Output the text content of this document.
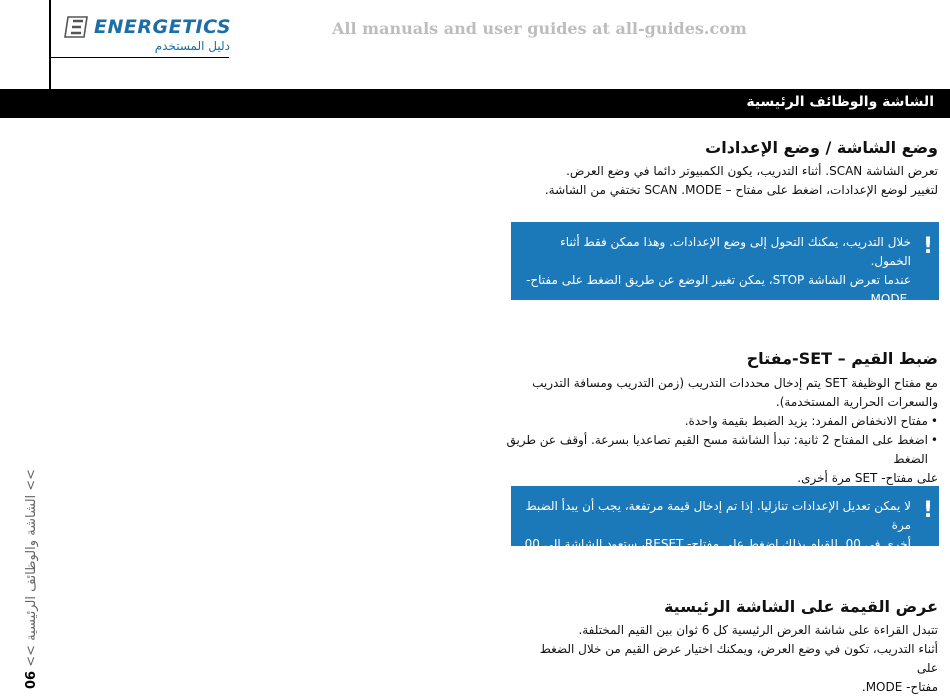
ENERGETICS
دليل المستخدم
All manuals and user guides at all-guides.com
الشاشة والوظائف الرئيسية
وضع الشاشة / وضع الإعدادات
تعرض الشاشة SCAN. أثناء التدريب، يكون الكمبيوتر دائما في وضع العرض.
لتغيير لوضع الإعدادات، اضغط على مفتاح – SCAN .MODE تختفي من الشاشة.
!
خلال التدريب، يمكنك التحول إلى وضع الإعدادات. وهذا ممكن فقط أثناء الخمول.
عندما تعرض الشاشة STOP، يمكن تغيير الوضع عن طريق الضغط على مفتاح-
.MODE
ضبط القيم – SET-مفتاح
مع مفتاح الوظيفة SET يتم إدخال محددات التدريب (زمن التدريب ومسافة التدريب
والسعرات الحرارية المستخدمة).
• مفتاح الانخفاض المفرد: يزيد الضبط بقيمة واحدة.
• اضغط على المفتاح 2 ثانية: تبدأ الشاشة مسح القيم تصاعديا بسرعة. أوقف عن طريق الضغط
على مفتاح- SET مرة أخرى.
!
لا يمكن تعديل الإعدادات تنازليا. إذا تم إدخال قيمة مرتفعة، يجب أن يبدأ الضبط مرة
أخرى في 00. للقيام بذلك اضغط على مفتاح- RESET، ستعود الشاشة إلى 00.
عرض القيمة على الشاشة الرئيسية
تتبدل القراءة على شاشة العرض الرئيسية كل 6 ثوان بين القيم المختلفة.
أثناء التدريب، تكون في وضع العرض، ويمكنك اختيار عرض القيم من خلال الضغط على
مفتاح- MODE.
06 << الشاشة والوظائف الرئيسية <<
